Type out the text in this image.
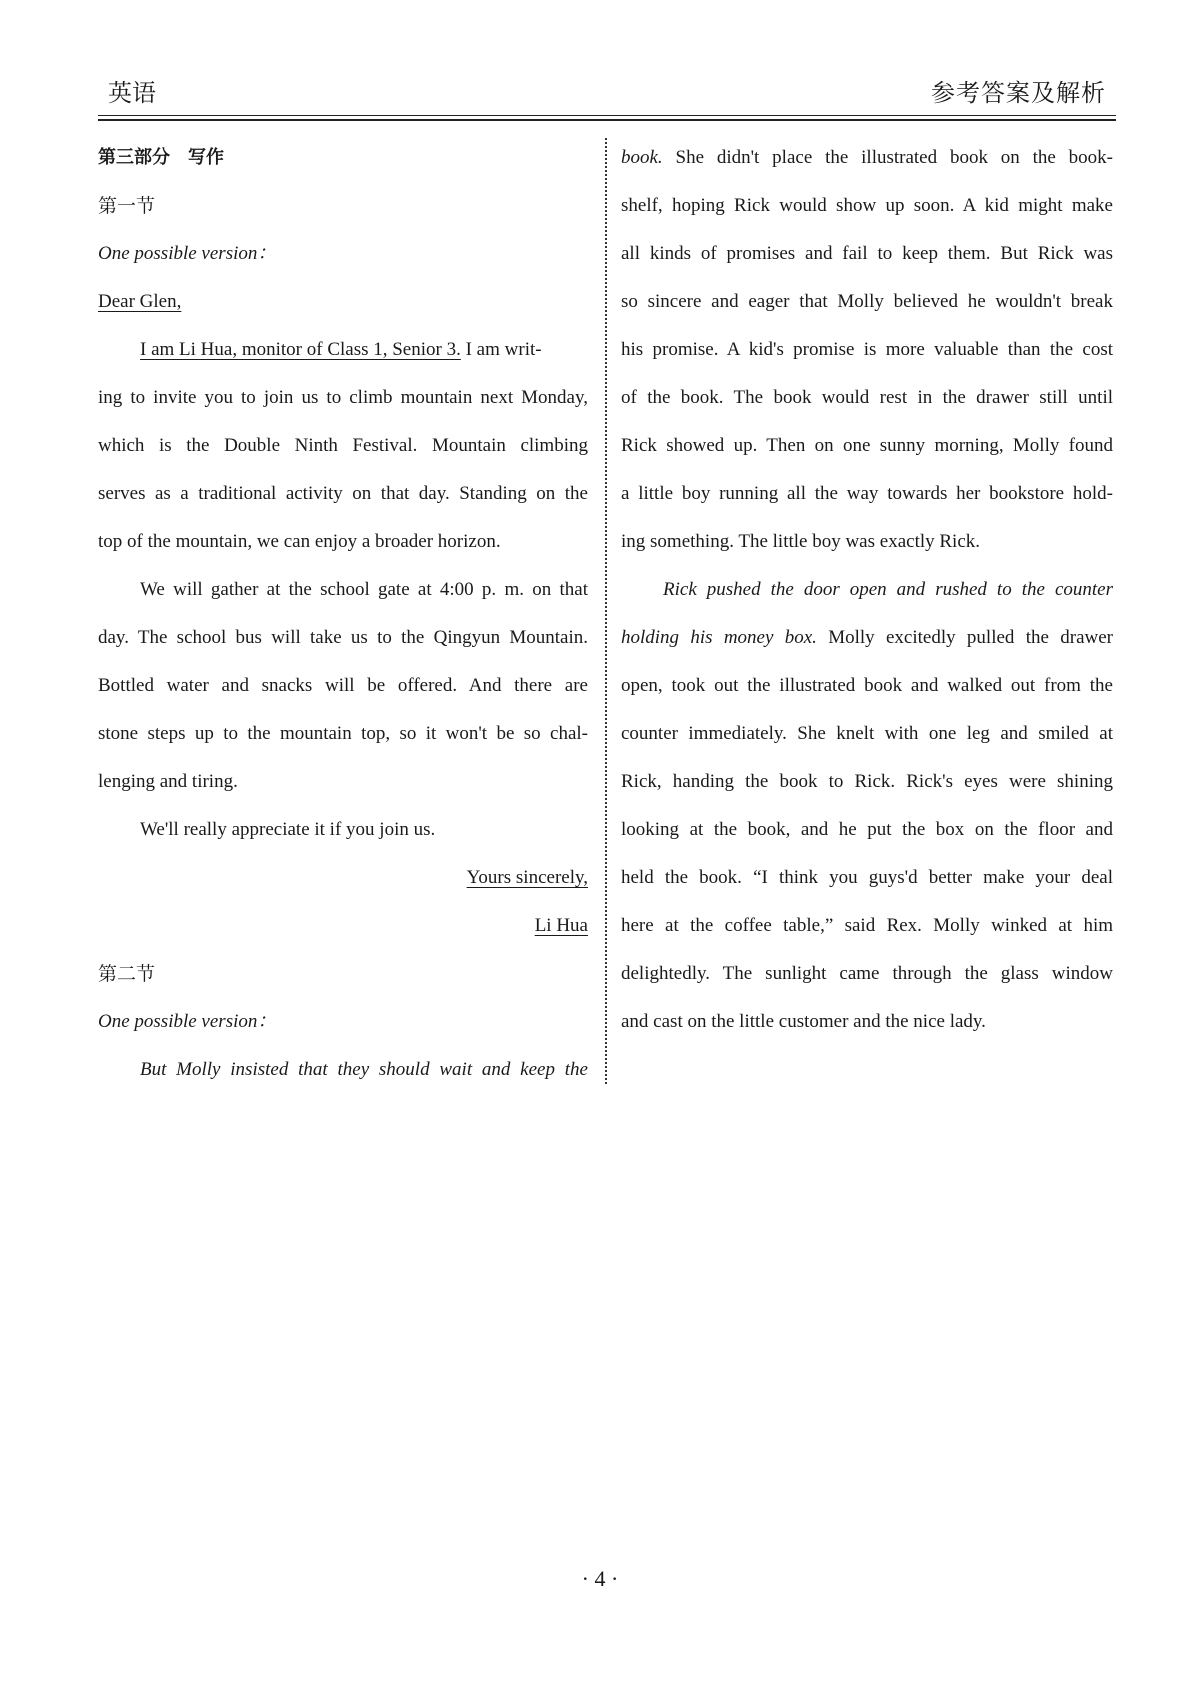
英语	参考答案及解析
第三部分　写作
第一节
One possible version：
Dear Glen,
I am Li Hua, monitor of Class 1, Senior 3. I am writ-
ing to invite you to join us to climb mountain next Monday,
which is the Double Ninth Festival. Mountain climbing
serves as a traditional activity on that day. Standing on the
top of the mountain, we can enjoy a broader horizon.
We will gather at the school gate at 4:00 p. m. on that
day. The school bus will take us to the Qingyun Mountain.
Bottled water and snacks will be offered. And there are
stone steps up to the mountain top, so it won't be so chal-
lenging and tiring.
We'll really appreciate it if you join us.
Yours sincerely,
Li Hua
第二节
One possible version：
But Molly insisted that they should wait and keep the
book. She didn't place the illustrated book on the book-
shelf, hoping Rick would show up soon. A kid might make
all kinds of promises and fail to keep them. But Rick was
so sincere and eager that Molly believed he wouldn't break
his promise. A kid's promise is more valuable than the cost
of the book. The book would rest in the drawer still until
Rick showed up. Then on one sunny morning, Molly found
a little boy running all the way towards her bookstore hold-
ing something. The little boy was exactly Rick.
Rick pushed the door open and rushed to the counter
holding his money box. Molly excitedly pulled the drawer
open, took out the illustrated book and walked out from the
counter immediately. She knelt with one leg and smiled at
Rick, handing the book to Rick. Rick's eyes were shining
looking at the book, and he put the box on the floor and
held the book. “I think you guys'd better make your deal
here at the coffee table,” said Rex. Molly winked at him
delightedly. The sunlight came through the glass window
and cast on the little customer and the nice lady.
· 4 ·
